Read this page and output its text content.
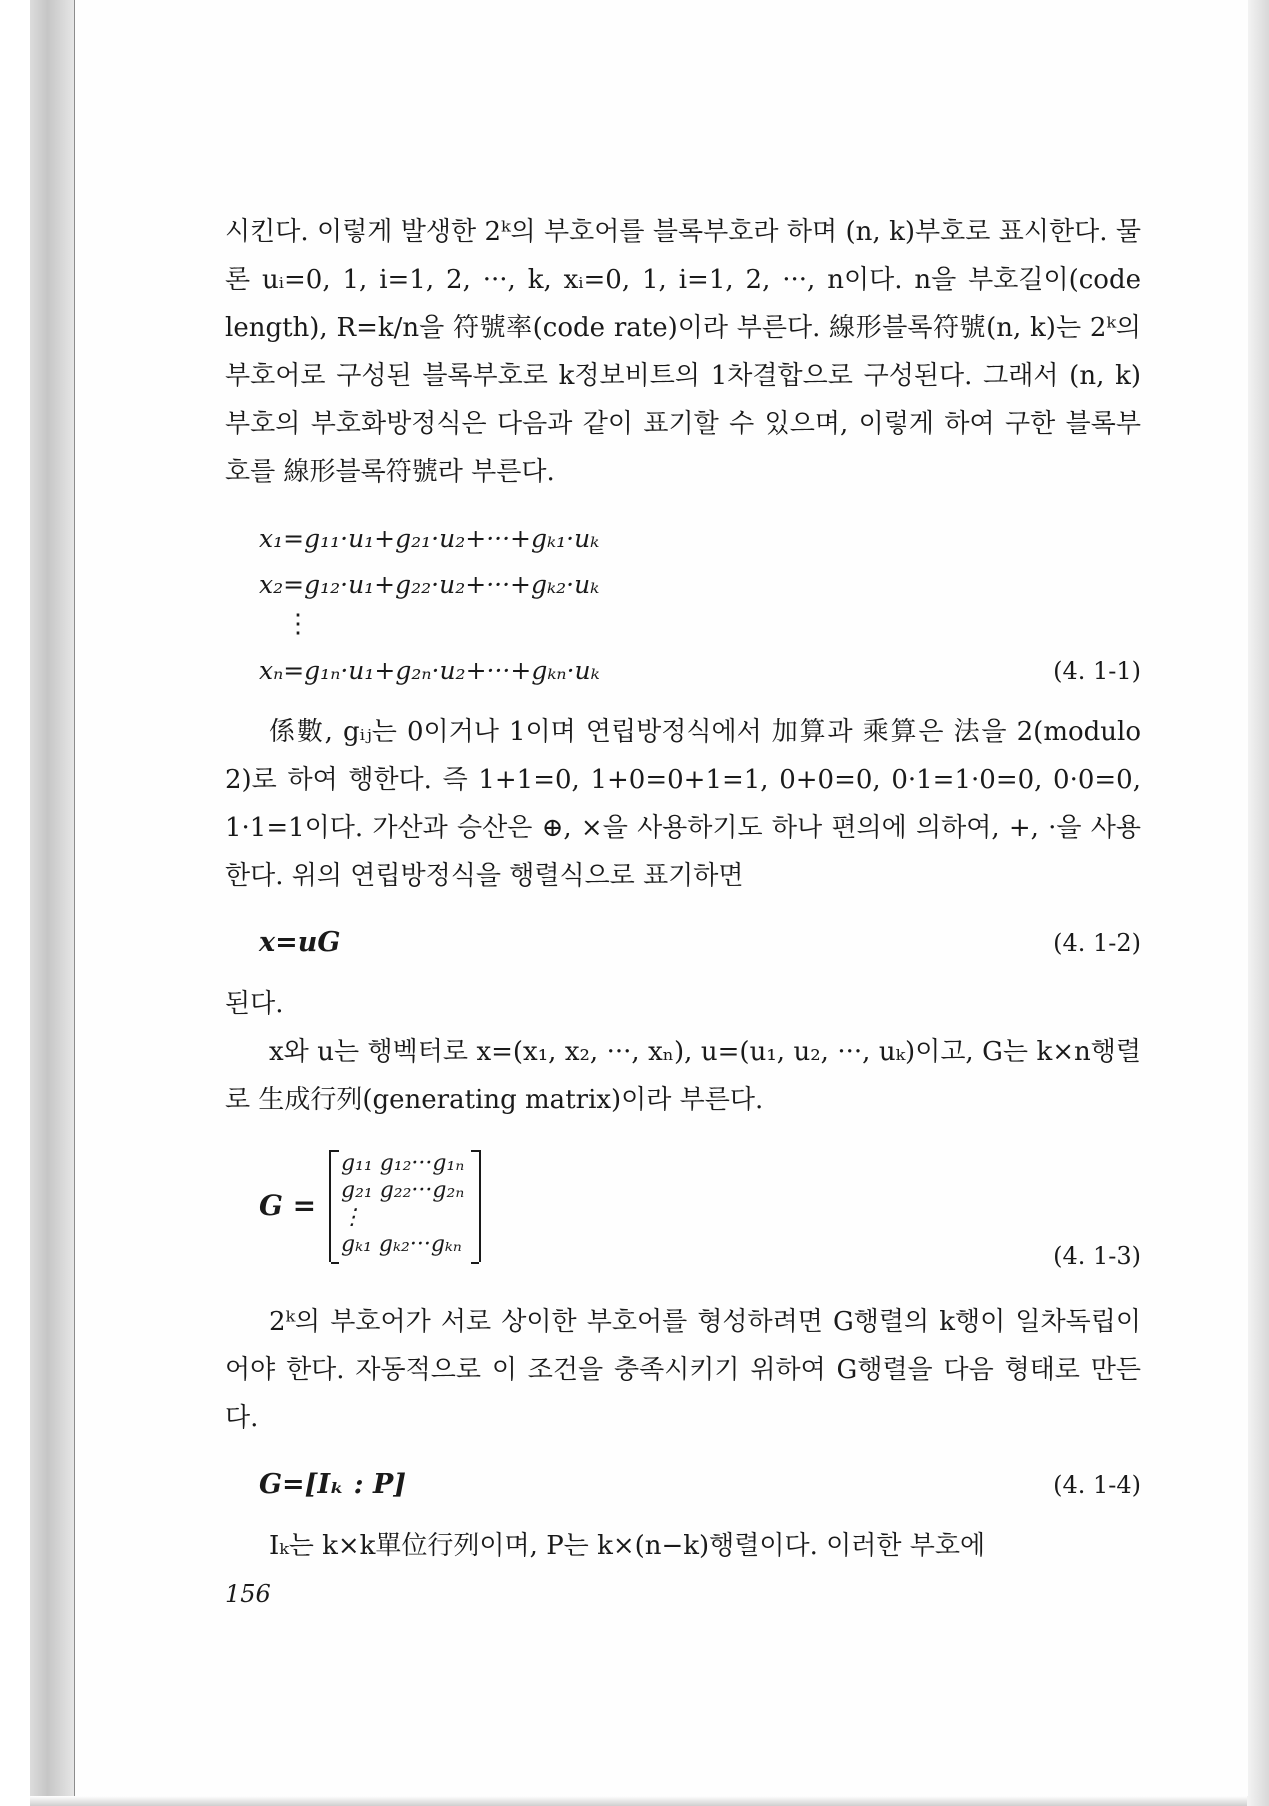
시킨다. 이렇게 발생한 2ᵏ의 부호어를 블록부호라 하며 (n, k)부호로 표시한다. 물론 uᵢ=0, 1, i=1, 2, ···, k, xᵢ=0, 1, i=1, 2, ···, n이다. n을 부호길이(code length), R=k/n을 符號率(code rate)이라 부른다. 線形블록符號(n, k)는 2ᵏ의 부호어로 구성된 블록부호로 k정보비트의 1차결합으로 구성된다. 그래서 (n, k)부호의 부호화방정식은 다음과 같이 표기할 수 있으며, 이렇게 하여 구한 블록부호를 線形블록符號라 부른다.

x₁=g₁₁·u₁+g₂₁·u₂+···+gₖ₁·uₖ
x₂=g₁₂·u₁+g₂₂·u₂+···+gₖ₂·uₖ
⋮
xₙ=g₁ₙ·u₁+g₂ₙ·u₂+···+gₖₙ·uₖ	(4. 1-1)

係數, gᵢⱼ는 0이거나 1이며 연립방정식에서 加算과 乘算은 法을 2(modulo 2)로 하여 행한다. 즉 1+1=0, 1+0=0+1=1, 0+0=0, 0·1=1·0=0, 0·0=0, 1·1=1이다. 가산과 승산은 ⊕, ×을 사용하기도 하나 편의에 의하여, +, ·을 사용한다. 위의 연립방정식을 행렬식으로 표기하면

x=uG	(4. 1-2)

된다.

x와 u는 행벡터로 x=(x₁, x₂, ···, xₙ), u=(u₁, u₂, ···, uₖ)이고, G는 k×n행렬로 生成行列(generating matrix)이라 부른다.

G =
g₁₁ g₁₂···g₁ₙ
g₂₁ g₂₂···g₂ₙ
⋮
gₖ₁ gₖ₂···gₖₙ	(4. 1-3)

2ᵏ의 부호어가 서로 상이한 부호어를 형성하려면 G행렬의 k행이 일차독립이어야 한다. 자동적으로 이 조건을 충족시키기 위하여 G행렬을 다음 형태로 만든다.

G=[Iₖ : P]	(4. 1-4)

Iₖ는 k×k單位行列이며, P는 k×(n−k)행렬이다. 이러한 부호에

156
